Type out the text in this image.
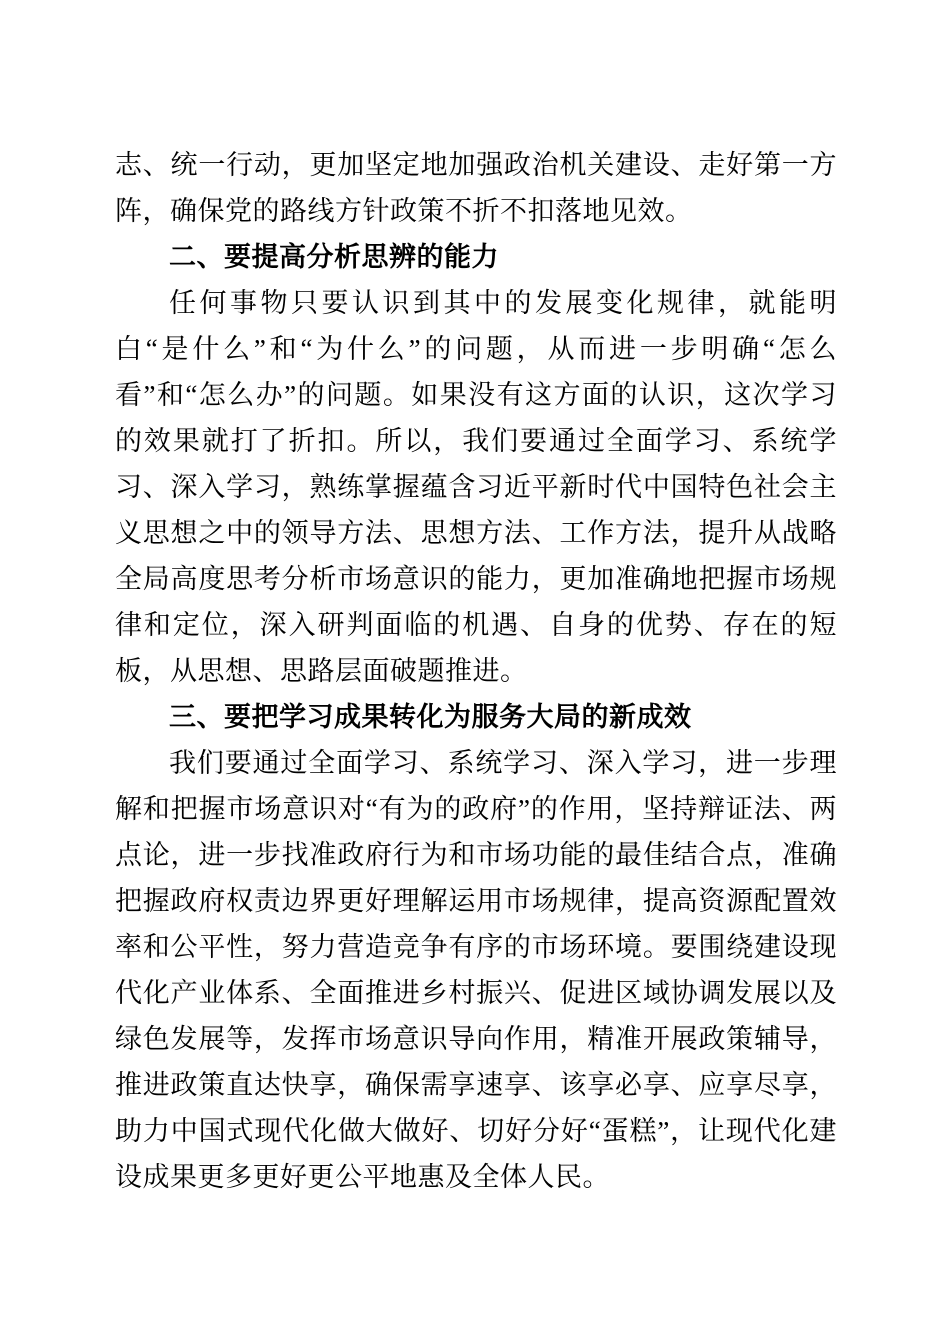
志、统一行动，更加坚定地加强政治机关建设、走好第一方阵，确保党的路线方针政策不折不扣落地见效。

二、要提高分析思辨的能力

任何事物只要认识到其中的发展变化规律，就能明白“是什么”和“为什么”的问题，从而进一步明确“怎么看”和“怎么办”的问题。如果没有这方面的认识，这次学习的效果就打了折扣。所以，我们要通过全面学习、系统学习、深入学习，熟练掌握蕴含习近平新时代中国特色社会主义思想之中的领导方法、思想方法、工作方法，提升从战略全局高度思考分析市场意识的能力，更加准确地把握市场规律和定位，深入研判面临的机遇、自身的优势、存在的短板，从思想、思路层面破题推进。

三、要把学习成果转化为服务大局的新成效

我们要通过全面学习、系统学习、深入学习，进一步理解和把握市场意识对“有为的政府”的作用，坚持辩证法、两点论，进一步找准政府行为和市场功能的最佳结合点，准确把握政府权责边界更好理解运用市场规律，提高资源配置效率和公平性，努力营造竞争有序的市场环境。要围绕建设现代化产业体系、全面推进乡村振兴、促进区域协调发展以及绿色发展等，发挥市场意识导向作用，精准开展政策辅导，推进政策直达快享，确保需享速享、该享必享、应享尽享，助力中国式现代化做大做好、切好分好“蛋糕”，让现代化建设成果更多更好更公平地惠及全体人民。
